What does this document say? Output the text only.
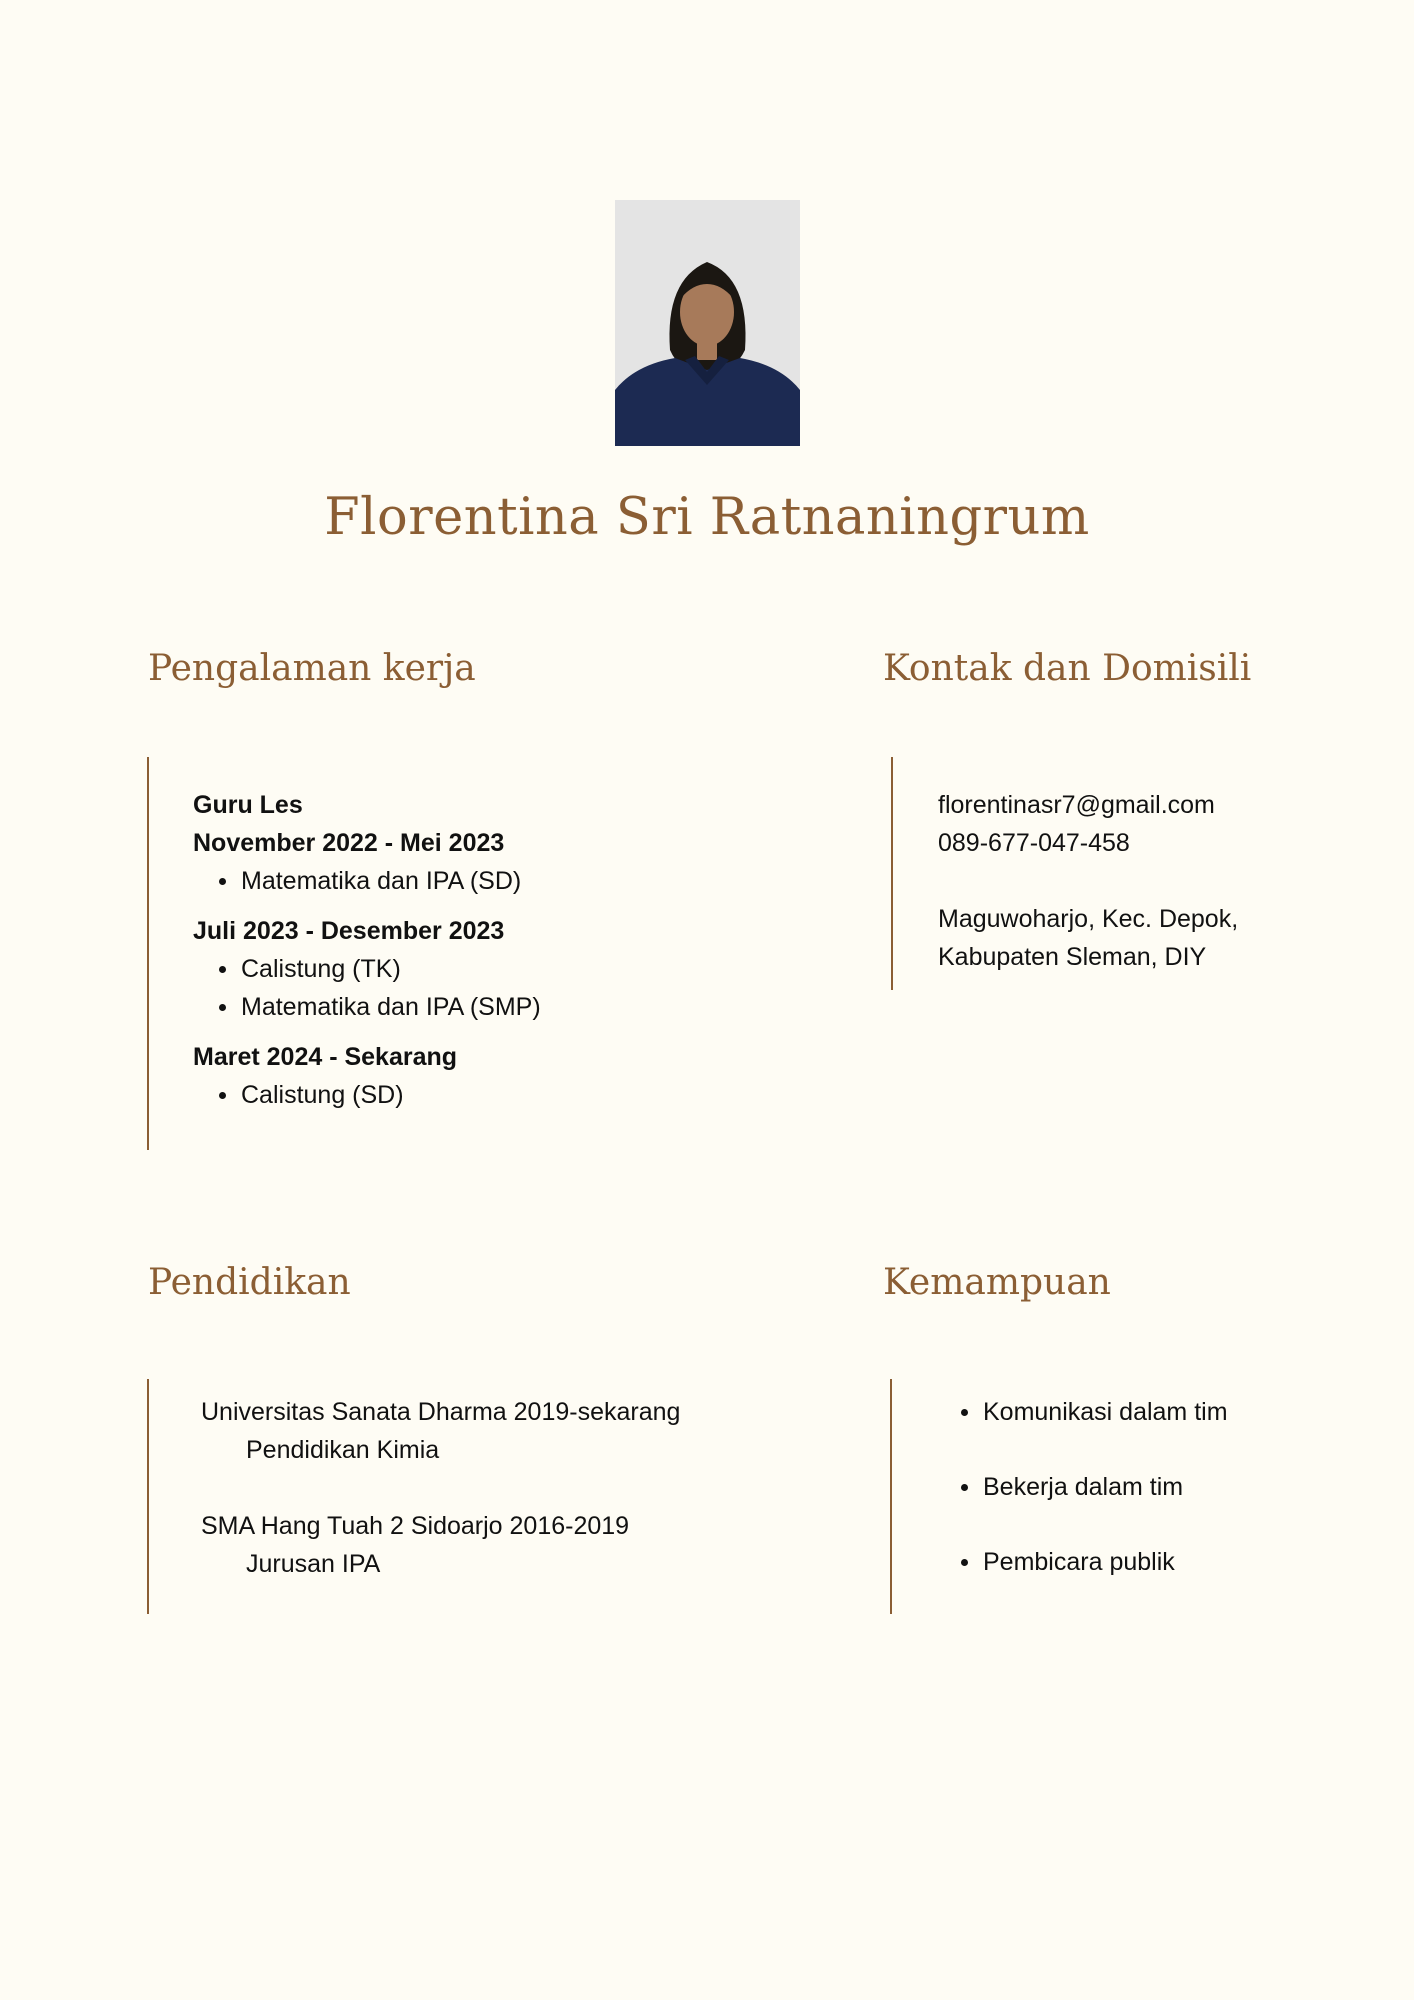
Florentina Sri Ratnaningrum
Pengalaman kerja
Guru Les
November 2022 - Mei 2023
Matematika dan IPA (SD)
Juli 2023 - Desember 2023
Calistung (TK)
Matematika dan IPA (SMP)
Maret 2024 - Sekarang
Calistung (SD)
Kontak dan Domisili
florentinasr7@gmail.com
089-677-047-458
Maguwoharjo, Kec. Depok,
Kabupaten Sleman, DIY
Pendidikan
Universitas Sanata Dharma 2019-sekarang
Pendidikan Kimia
SMA Hang Tuah 2 Sidoarjo 2016-2019
Jurusan IPA
Kemampuan
Komunikasi dalam tim
Bekerja dalam tim
Pembicara publik
